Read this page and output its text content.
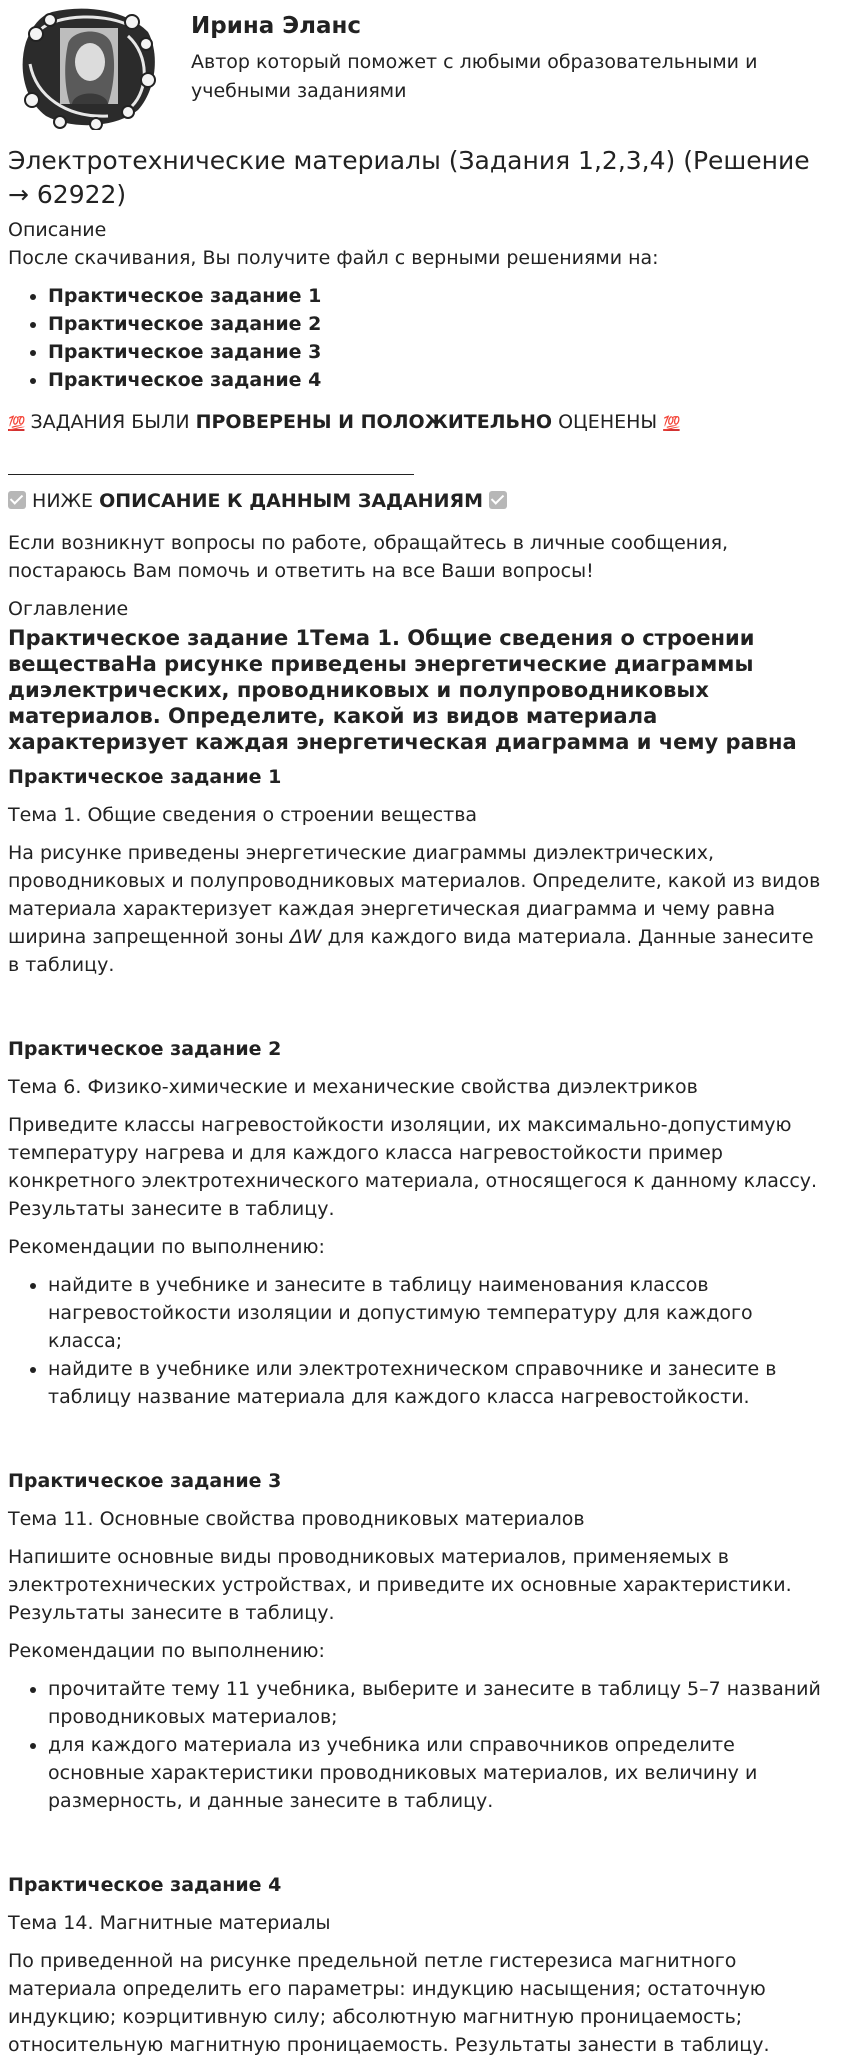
Ирина Эланс
Автор который поможет с любыми образовательными и учебными заданиями
Электротехнические материалы (Задания 1,2,3,4) (Решение → 62922)
Описание

После скачивания, Вы получите файл с верными решениями на:

• Практическое задание 1
• Практическое задание 2
• Практическое задание 3
• Практическое задание 4

💯 ЗАДАНИЯ БЫЛИ ПРОВЕРЕНЫ И ПОЛОЖИТЕЛЬНО ОЦЕНЕНЫ 💯

НИЖЕ ОПИСАНИЕ К ДАННЫМ ЗАДАНИЯМ

Если возникнут вопросы по работе, обращайтесь в личные сообщения, постараюсь Вам помочь и ответить на все Ваши вопросы!

Оглавление
Практическое задание 1Тема 1. Общие сведения о строении веществаНа рисунке приведены энергетические диаграммы диэлектрических, проводниковых и полупроводниковых материалов. Определите, какой из видов материала характеризует каждая энергетическая диаграмма и чему равна
Практическое задание 1

Тема 1. Общие сведения о строении вещества

На рисунке приведены энергетические диаграммы диэлектрических, проводниковых и полупроводниковых материалов. Определите, какой из видов материала характеризует каждая энергетическая диаграмма и чему равна ширина запрещенной зоны ΔW для каждого вида материала. Данные занесите в таблицу.

Практическое задание 2

Тема 6. Физико-химические и механические свойства диэлектриков

Приведите классы нагревостойкости изоляции, их максимально-допустимую температуру нагрева и для каждого класса нагревостойкости пример конкретного электротехнического материала, относящегося к данному классу. Результаты занесите в таблицу.

Рекомендации по выполнению:

• найдите в учебнике и занесите в таблицу наименования классов нагревостойкости изоляции и допустимую температуру для каждого класса;
• найдите в учебнике или электротехническом справочнике и занесите в таблицу название материала для каждого класса нагревостойкости.
Практическое задание 3

Тема 11. Основные свойства проводниковых материалов

Напишите основные виды проводниковых материалов, применяемых в электротехнических устройствах, и приведите их основные характеристики. Результаты занесите в таблицу.

Рекомендации по выполнению:

• прочитайте тему 11 учебника, выберите и занесите в таблицу 5–7 названий проводниковых материалов;
• для каждого материала из учебника или справочников определите основные характеристики проводниковых материалов, их величину и размерность, и данные занесите в таблицу.
Практическое задание 4

Тема 14. Магнитные материалы

По приведенной на рисунке предельной петле гистерезиса магнитного материала определить его параметры: индукцию насыщения; остаточную индукцию; коэрцитивную силу; абсолютную магнитную проницаемость; относительную магнитную проницаемость. Результаты занести в таблицу.
